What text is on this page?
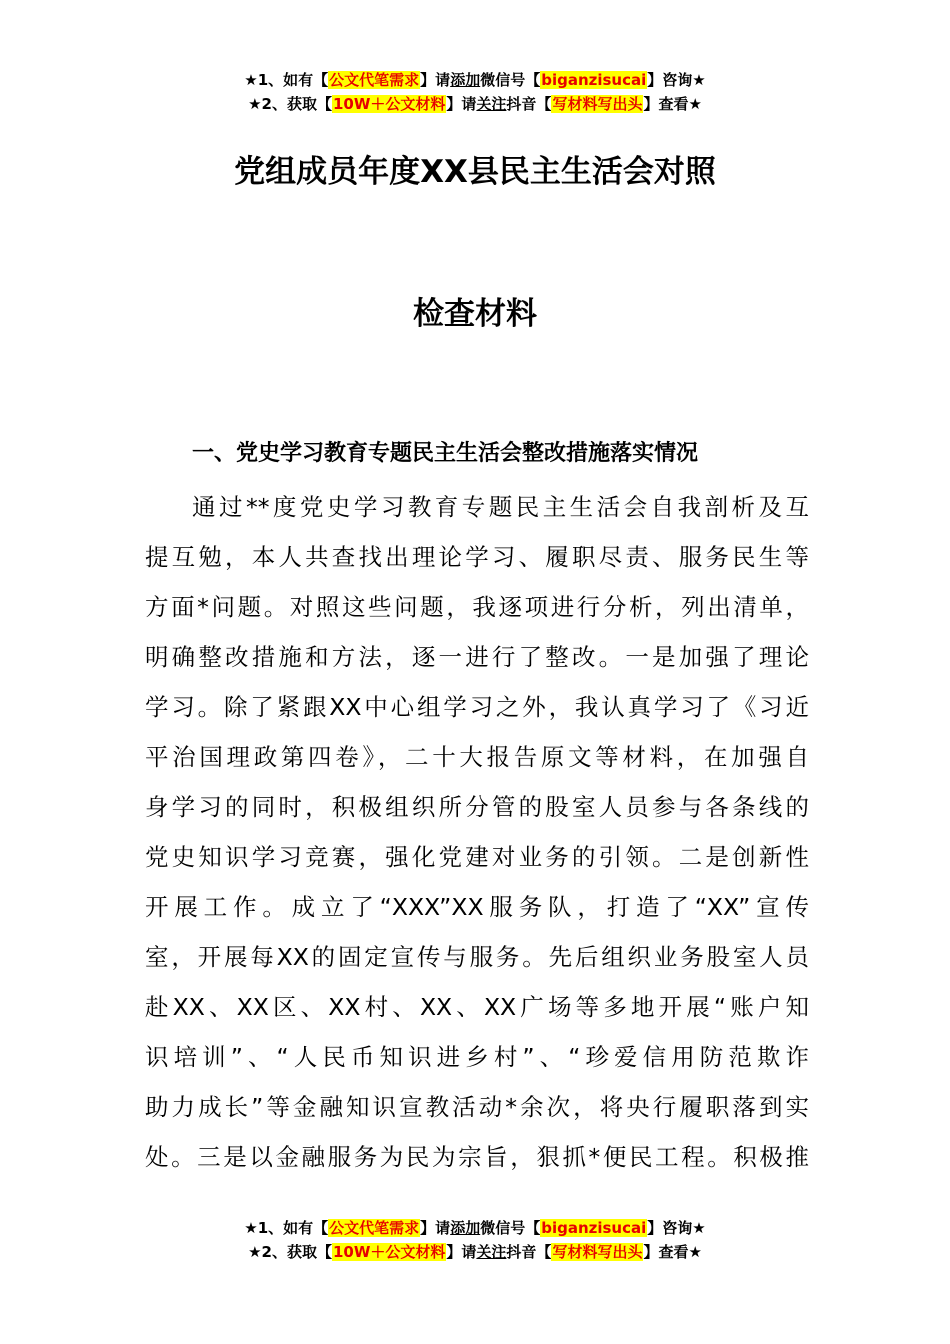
★1、如有【公文代笔需求】请添加微信号【biganzisucai】咨询★
★2、获取【10W＋公文材料】请关注抖音【写材料写出头】查看★
党组成员年度XX县民主生活会对照
检查材料
一、党史学习教育专题民主生活会整改措施落实情况
通过**度党史学习教育专题民主生活会自我剖析及互
提互勉，本人共查找出理论学习、履职尽责、服务民生等
方面*问题。对照这些问题，我逐项进行分析，列出清单，
明确整改措施和方法，逐一进行了整改。一是加强了理论
学习。除了紧跟XX中心组学习之外，我认真学习了《习近
平治国理政第四卷》，二十大报告原文等材料，在加强自
身学习的同时，积极组织所分管的股室人员参与各条线的
党史知识学习竞赛，强化党建对业务的引领。二是创新性
开展工作。成立了“XXX”XX服务队，打造了“XX”宣传
室，开展每XX的固定宣传与服务。先后组织业务股室人员
赴XX、XX区、XX村、XX、XX广场等多地开展“账户知
识培训”、“人民币知识进乡村”、“珍爱信用防范欺诈
助力成长”等金融知识宣教活动*余次，将央行履职落到实
处。三是以金融服务为民为宗旨，狠抓*便民工程。积极推
★1、如有【公文代笔需求】请添加微信号【biganzisucai】咨询★
★2、获取【10W＋公文材料】请关注抖音【写材料写出头】查看★
